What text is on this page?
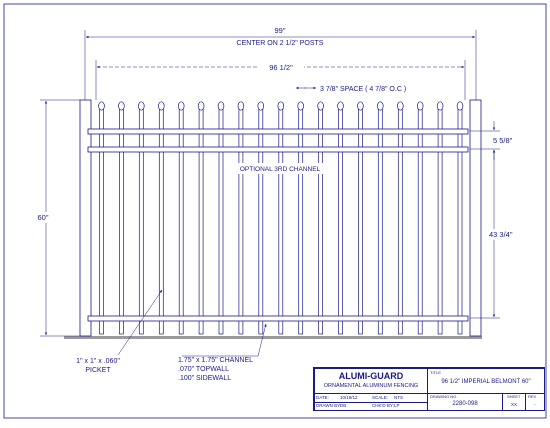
99"
CENTER ON 2 1/2" POSTS
96 1/2"
3 7/8" SPACE ( 4 7/8" O.C )
60"
5 5/8"
43 3/4"
OPTIONAL 3RD CHANNEL
1" x 1" x .060"
PICKET
1.75" x 1.75" CHANNEL
.070" TOPWALL
.100" SIDEWALL	ALUMI-GUARD
ORNAMENTAL ALUMINUM FENCING
TITLE
96 1/2" IMPERIAL BELMONT 60"
DATE: 10/19/12	SCALE: NTS
DRAWN BY:
DB	CHK'D BY: LP
DRAWING NO.
2280-098
SHEET
XX
REV
-
